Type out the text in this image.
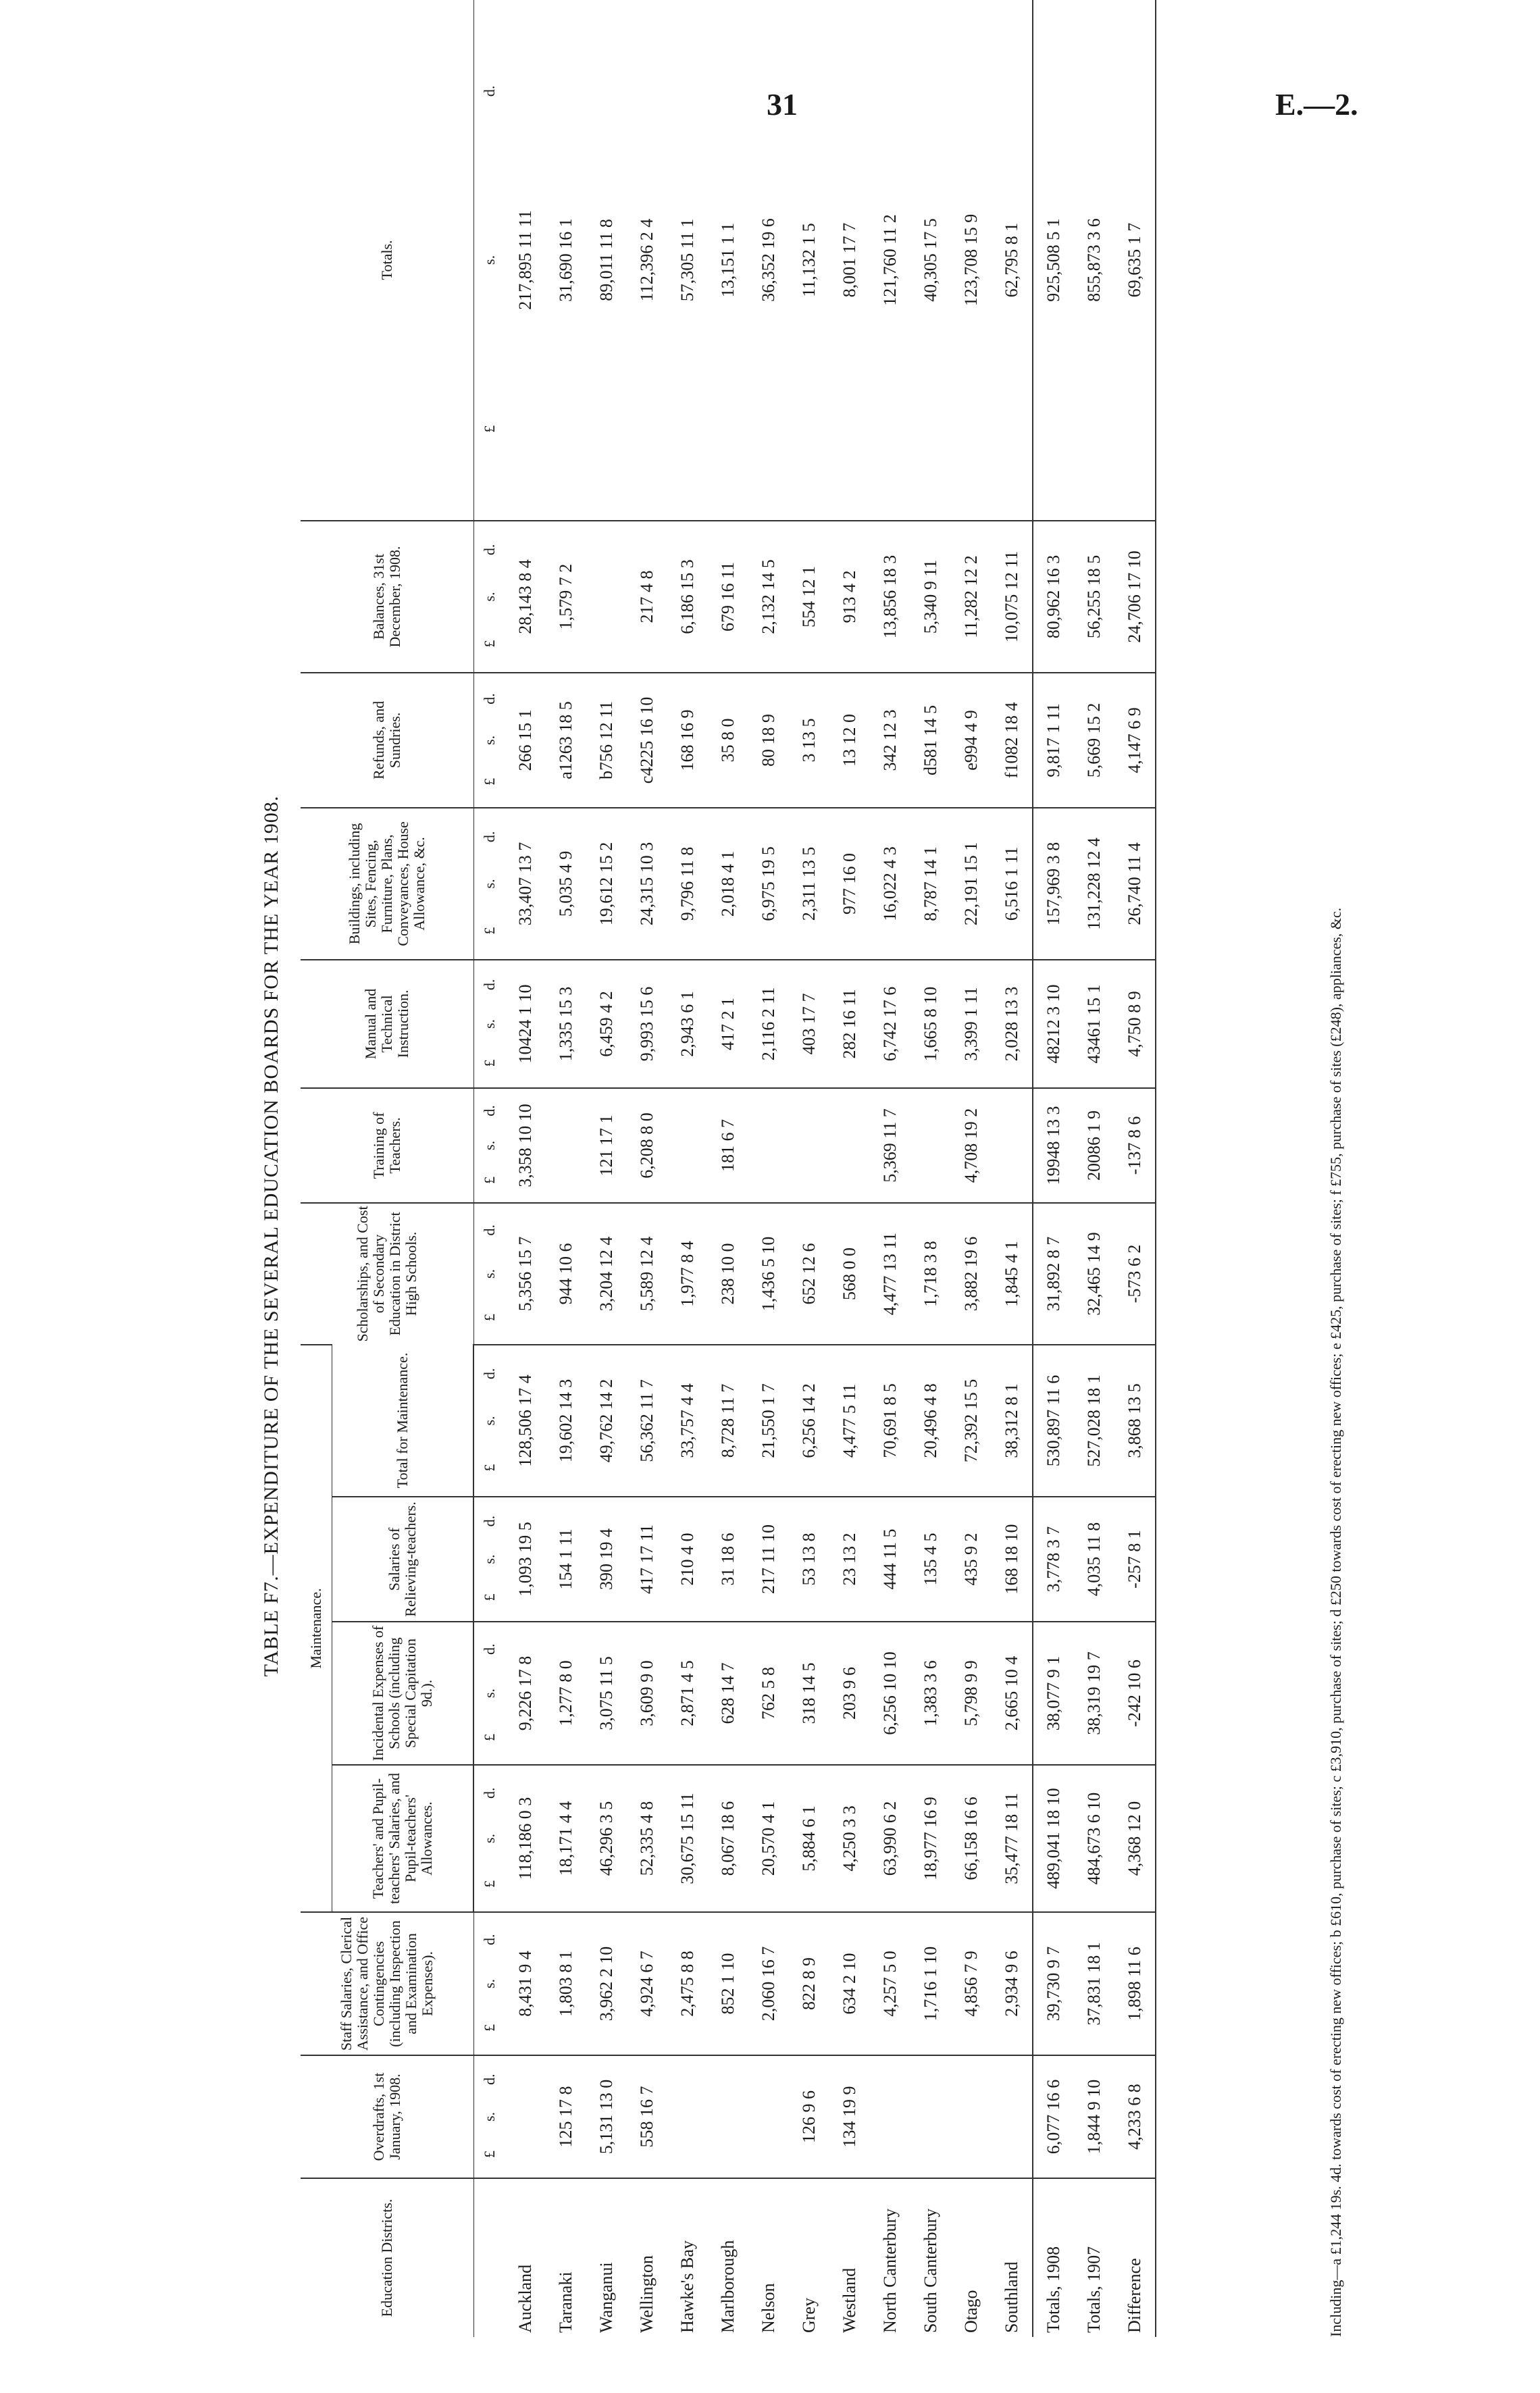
31	E.—2.
TABLE F7.—EXPENDITURE OF THE SEVERAL EDUCATION BOARDS FOR THE YEAR 1908.
Education Districts.	Overdrafts, 1st January, 1908.	Staff Salaries, Clerical Assistance, and Office Contingencies (including Inspection and Examination Expenses).	Maintenance.				Scholarships, and Cost of Secondary Education in District High Schools.	Training of Teachers.	Manual and Technical Instruction.	Buildings, including Sites, Fencing, Furniture, Plans, Conveyances, House Allowance, &c.	Refunds, and Sundries.	Balances, 31st December, 1908.	Totals.
			Teachers' and Pupil-teachers' Salaries, and Pupil-teachers' Allowances.	Incidental Expenses of Schools (including Special Capitation 9d.).	Salaries of Relieving-teachers.	Total for Maintenance.							
	£s.d.	£s.d.	£s.d.	£s.d.	£s.d.	£s.d.	£s.d.	£s.d.	£s.d.	£s.d.	£s.d.	£s.d.	£s.d.
Auckland		8,431 9 4	118,186 0 3	9,226 17 8	1,093 19 5	128,506 17 4	5,356 15 7	3,358 10 10	10424 1 10	33,407 13 7	266 15 1	28,143 8 4	217,895 11 11
Taranaki	125 17 8	1,803 8 1	18,171 4 4	1,277 8 0	154 1 11	19,602 14 3	944 10 6		1,335 15 3	5,035 4 9	a1263 18 5	1,579 7 2	31,690 16 1
Wanganui	5,131 13 0	3,962 2 10	46,296 3 5	3,075 11 5	390 19 4	49,762 14 2	3,204 12 4	121 17 1	6,459 4 2	19,612 15 2	b756 12 11		89,011 11 8
Wellington	558 16 7	4,924 6 7	52,335 4 8	3,609 9 0	417 17 11	56,362 11 7	5,589 12 4	6,208 8 0	9,993 15 6	24,315 10 3	c4225 16 10	217 4 8	112,396 2 4
Hawke's Bay		2,475 8 8	30,675 15 11	2,871 4 5	210 4 0	33,757 4 4	1,977 8 4		2,943 6 1	9,796 11 8	168 16 9	6,186 15 3	57,305 11 1
Marlborough		852 1 10	8,067 18 6	628 14 7	31 18 6	8,728 11 7	238 10 0	181 6 7	417 2 1	2,018 4 1	35 8 0	679 16 11	13,151 1 1
Nelson		2,060 16 7	20,570 4 1	762 5 8	217 11 10	21,550 1 7	1,436 5 10		2,116 2 11	6,975 19 5	80 18 9	2,132 14 5	36,352 19 6
Grey	126 9 6	822 8 9	5,884 6 1	318 14 5	53 13 8	6,256 14 2	652 12 6		403 17 7	2,311 13 5	3 13 5	554 12 1	11,132 1 5
Westland	134 19 9	634 2 10	4,250 3 3	203 9 6	23 13 2	4,477 5 11	568 0 0		282 16 11	977 16 0	13 12 0	913 4 2	8,001 17 7
North Canterbury		4,257 5 0	63,990 6 2	6,256 10 10	444 11 5	70,691 8 5	4,477 13 11	5,369 11 7	6,742 17 6	16,022 4 3	342 12 3	13,856 18 3	121,760 11 2
South Canterbury		1,716 1 10	18,977 16 9	1,383 3 6	135 4 5	20,496 4 8	1,718 3 8		1,665 8 10	8,787 14 1	d581 14 5	5,340 9 11	40,305 17 5
Otago		4,856 7 9	66,158 16 6	5,798 9 9	435 9 2	72,392 15 5	3,882 19 6	4,708 19 2	3,399 1 11	22,191 15 1	e994 4 9	11,282 12 2	123,708 15 9
Southland		2,934 9 6	35,477 18 11	2,665 10 4	168 18 10	38,312 8 1	1,845 4 1		2,028 13 3	6,516 1 11	f1082 18 4	10,075 12 11	62,795 8 1
Totals, 1908	6,077 16 6	39,730 9 7	489,041 18 10	38,077 9 1	3,778 3 7	530,897 11 6	31,892 8 7	19948 13 3	48212 3 10	157,969 3 8	9,817 1 11	80,962 16 3	925,508 5 1
Totals, 1907	1,844 9 10	37,831 18 1	484,673 6 10	38,319 19 7	4,035 11 8	527,028 18 1	32,465 14 9	20086 1 9	43461 15 1	131,228 12 4	5,669 15 2	56,255 18 5	855,873 3 6
Difference	4,233 6 8	1,898 11 6	4,368 12 0	-242 10 6	-257 8 1	3,868 13 5	-573 6 2	-137 8 6	4,750 8 9	26,740 11 4	4,147 6 9	24,706 17 10	69,635 1 7
Including—a £1,244 19s. 4d. towards cost of erecting new offices; b £610, purchase of sites; c £3,910, purchase of sites; d £250 towards cost of erecting new offices; e £425, purchase of sites; f £755, purchase of sites (£248), appliances, &c.
